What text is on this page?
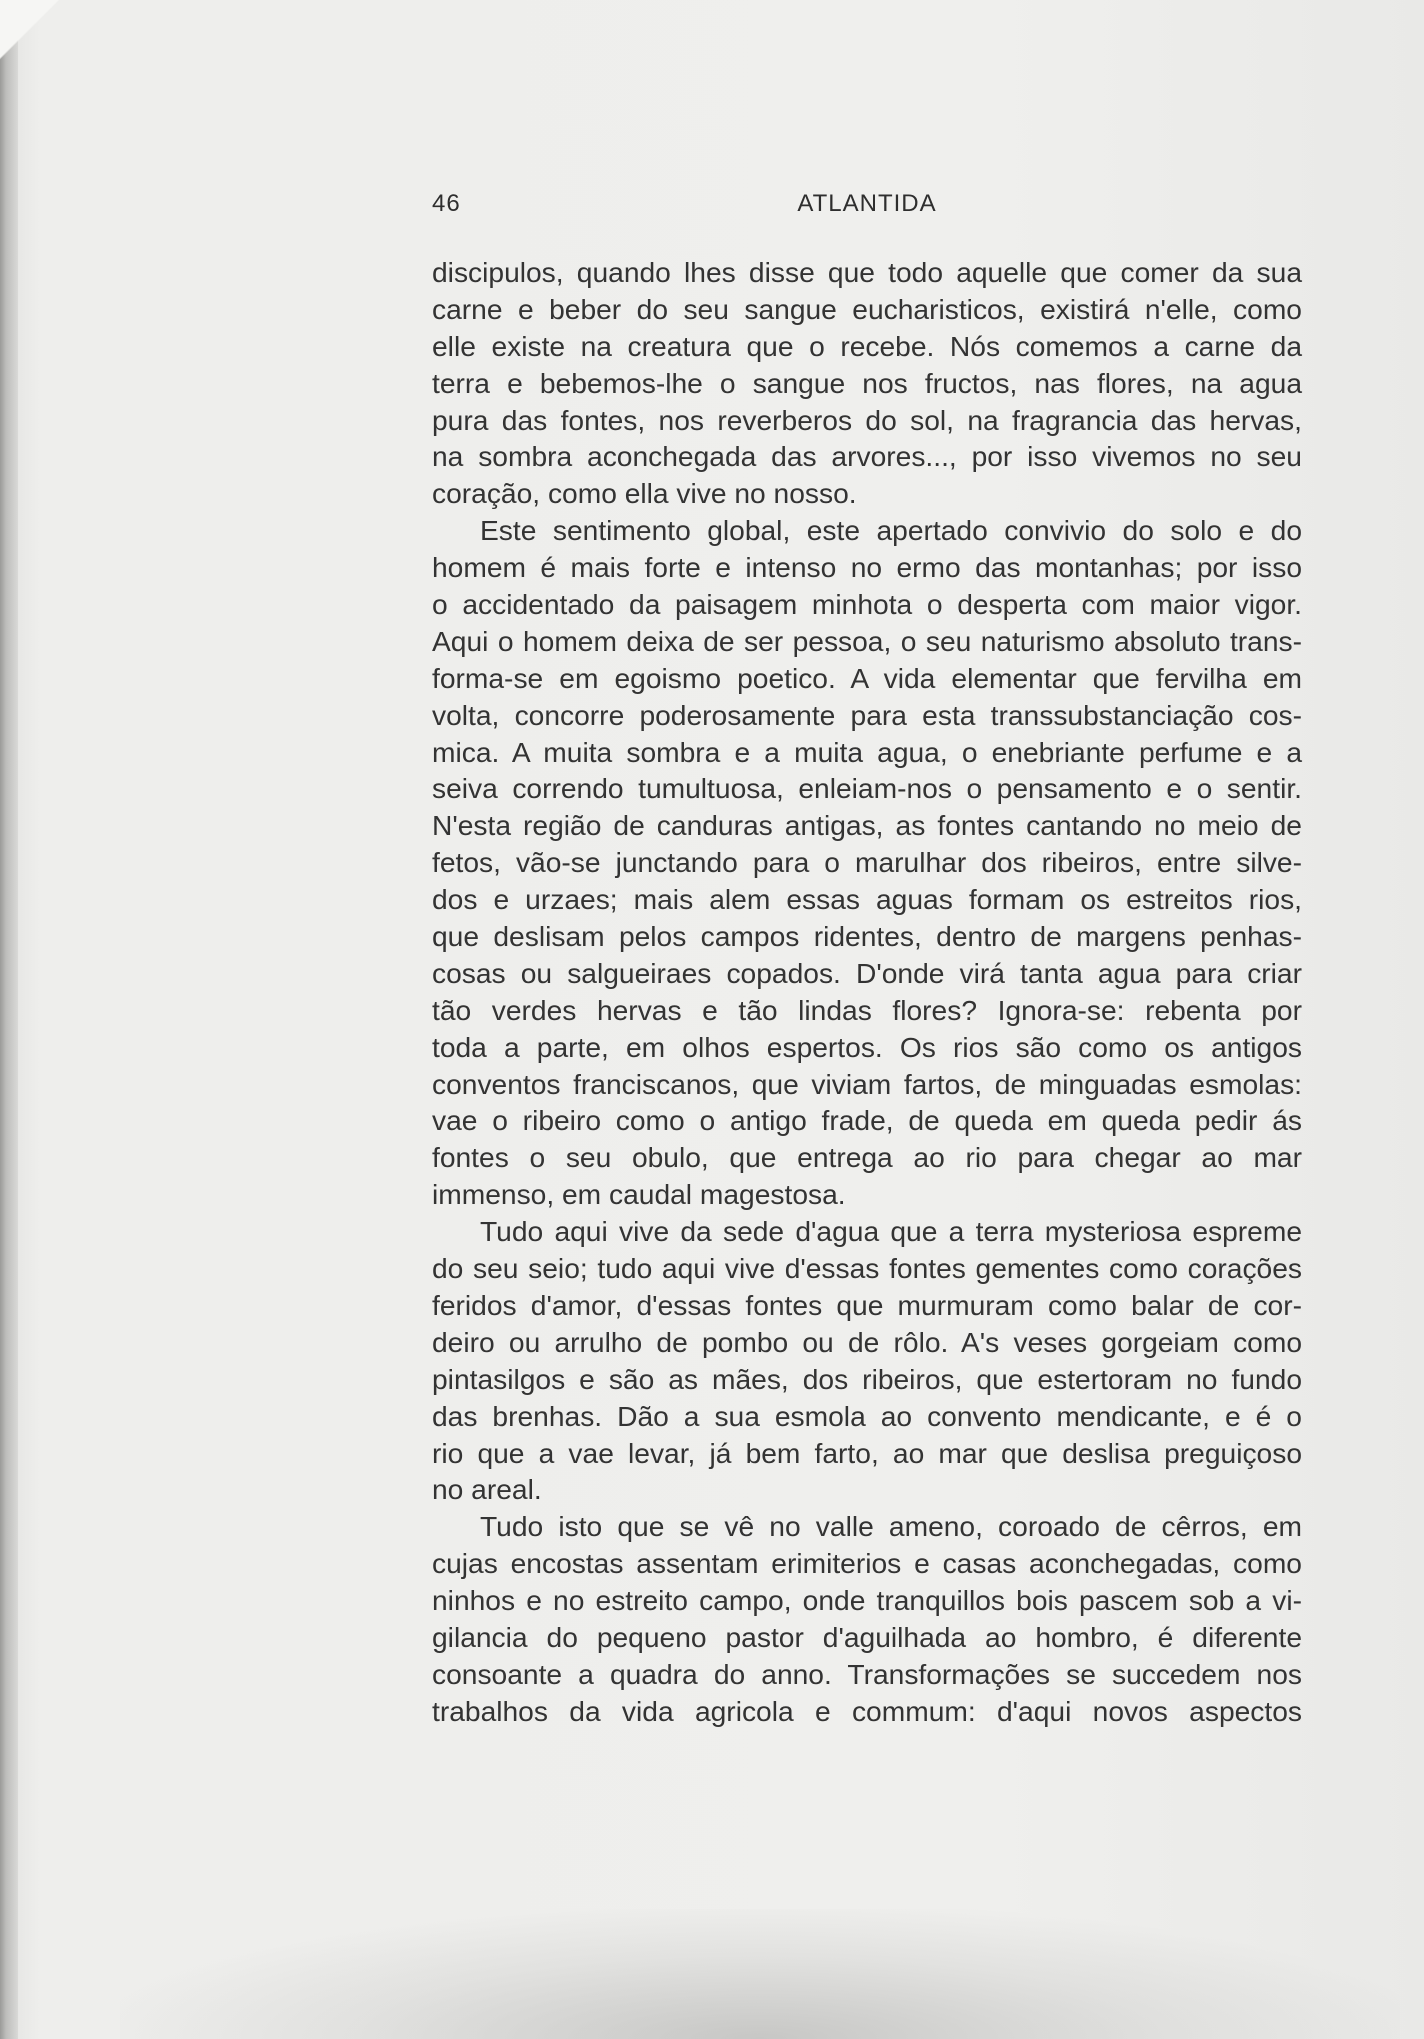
46	ATLANTIDA
discipulos, quando lhes disse que todo aquelle que comer da sua
carne e beber do seu sangue eucharisticos, existirá n'elle, como
elle existe na creatura que o recebe. Nós comemos a carne da
terra e bebemos-lhe o sangue nos fructos, nas flores, na agua
pura das fontes, nos reverberos do sol, na fragrancia das hervas,
na sombra aconchegada das arvores..., por isso vivemos no seu
coração, como ella vive no nosso.
Este sentimento global, este apertado convivio do solo e do
homem é mais forte e intenso no ermo das montanhas; por isso
o accidentado da paisagem minhota o desperta com maior vigor.
Aqui o homem deixa de ser pessoa, o seu naturismo absoluto trans-
forma-se em egoismo poetico. A vida elementar que fervilha em
volta, concorre poderosamente para esta transsubstanciação cos-
mica. A muita sombra e a muita agua, o enebriante perfume e a
seiva correndo tumultuosa, enleiam-nos o pensamento e o sentir.
N'esta região de canduras antigas, as fontes cantando no meio de
fetos, vão-se junctando para o marulhar dos ribeiros, entre silve-
dos e urzaes; mais alem essas aguas formam os estreitos rios,
que deslisam pelos campos ridentes, dentro de margens penhas-
cosas ou salgueiraes copados. D'onde virá tanta agua para criar
tão verdes hervas e tão lindas flores? Ignora-se: rebenta por
toda a parte, em olhos espertos. Os rios são como os antigos
conventos franciscanos, que viviam fartos, de minguadas esmolas:
vae o ribeiro como o antigo frade, de queda em queda pedir ás
fontes o seu obulo, que entrega ao rio para chegar ao mar
immenso, em caudal magestosa.
Tudo aqui vive da sede d'agua que a terra mysteriosa espreme
do seu seio; tudo aqui vive d'essas fontes gementes como corações
feridos d'amor, d'essas fontes que murmuram como balar de cor-
deiro ou arrulho de pombo ou de rôlo. A's veses gorgeiam como
pintasilgos e são as mães, dos ribeiros, que estertoram no fundo
das brenhas. Dão a sua esmola ao convento mendicante, e é o
rio que a vae levar, já bem farto, ao mar que deslisa preguiçoso
no areal.
Tudo isto que se vê no valle ameno, coroado de cêrros, em
cujas encostas assentam erimiterios e casas aconchegadas, como
ninhos e no estreito campo, onde tranquillos bois pascem sob a vi-
gilancia do pequeno pastor d'aguilhada ao hombro, é diferente
consoante a quadra do anno. Transformações se succedem nos
trabalhos da vida agricola e commum: d'aqui novos aspectos
